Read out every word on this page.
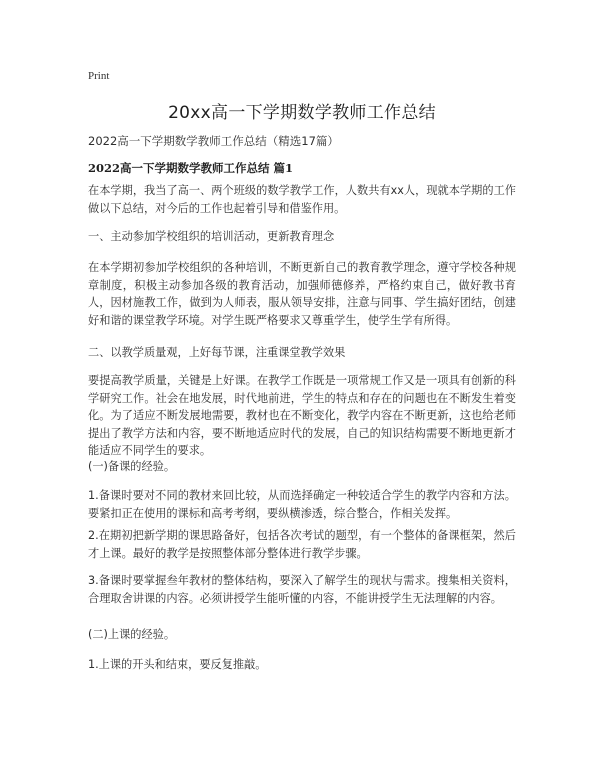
Print
20xx高一下学期数学教师工作总结
2022高一下学期数学教师工作总结（精选17篇）
2022高一下学期数学教师工作总结 篇1

在本学期，我当了高一、两个班级的数学教学工作，人数共有xx人，现就本学期的工作做以下总结，对今后的工作也起着引导和借鉴作用。

一、主动参加学校组织的培训活动，更新教育理念

在本学期初参加学校组织的各种培训，不断更新自己的教育教学理念，遵守学校各种规章制度，积极主动参加各级的教育活动，加强师德修养，严格约束自己，做好教书育人，因材施教工作，做到为人师表，服从领导安排，注意与同事、学生搞好团结，创建好和谐的课堂教学环境。对学生既严格要求又尊重学生，使学生学有所得。

二、以教学质量观，上好每节课，注重课堂教学效果

要提高教学质量，关键是上好课。在教学工作既是一项常规工作又是一项具有创新的科学研究工作。社会在地发展，时代地前进，学生的特点和存在的问题也在不断发生着变化。为了适应不断发展地需要，教材也在不断变化，教学内容在不断更新，这也给老师提出了教学方法和内容，要不断地适应时代的发展，自己的知识结构需要不断地更新才能适应不同学生的要求。

(一)备课的经验。

1.备课时要对不同的教材来回比较，从而选择确定一种较适合学生的教学内容和方法。要紧扣正在使用的课标和高考考纲，要纵横渗透，综合整合，作相关发挥。

2.在期初把新学期的课思路备好，包括各次考试的题型，有一个整体的备课框架，然后才上课。最好的教学是按照整体部分整体进行教学步骤。

3.备课时要掌握叁年教材的整体结构，要深入了解学生的现状与需求。搜集相关资料，合理取舍讲课的内容。必须讲授学生能听懂的内容，不能讲授学生无法理解的内容。

(二)上课的经验。

1.上课的开头和结束，要反复推敲。
